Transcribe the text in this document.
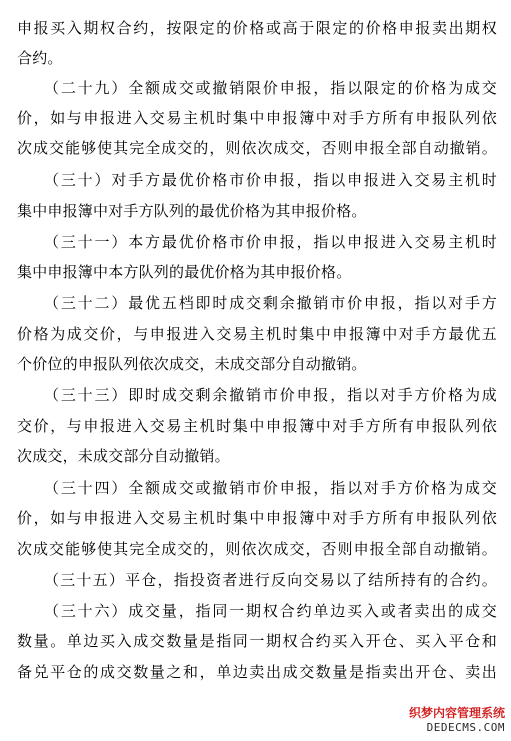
申报买入期权合约，按限定的价格或高于限定的价格申报卖出期权
合约。
（二十九）全额成交或撤销限价申报，指以限定的价格为成交
价，如与申报进入交易主机时集中申报簿中对手方所有申报队列依
次成交能够使其完全成交的，则依次成交，否则申报全部自动撤销。
（三十）对手方最优价格市价申报，指以申报进入交易主机时
集中申报簿中对手方队列的最优价格为其申报价格。
（三十一）本方最优价格市价申报，指以申报进入交易主机时
集中申报簿中本方队列的最优价格为其申报价格。
（三十二）最优五档即时成交剩余撤销市价申报，指以对手方
价格为成交价，与申报进入交易主机时集中申报簿中对手方最优五
个价位的申报队列依次成交，未成交部分自动撤销。
（三十三）即时成交剩余撤销市价申报，指以对手方价格为成
交价，与申报进入交易主机时集中申报簿中对手方所有申报队列依
次成交，未成交部分自动撤销。
（三十四）全额成交或撤销市价申报，指以对手方价格为成交
价，如与申报进入交易主机时集中申报簿中对手方所有申报队列依
次成交能够使其完全成交的，则依次成交，否则申报全部自动撤销。
（三十五）平仓，指投资者进行反向交易以了结所持有的合约。
（三十六）成交量，指同一期权合约单边买入或者卖出的成交
数量。单边买入成交数量是指同一期权合约买入开仓、买入平仓和
备兑平仓的成交数量之和，单边卖出成交数量是指卖出开仓、卖出
织梦内容管理系统
DEDECMS.COM
